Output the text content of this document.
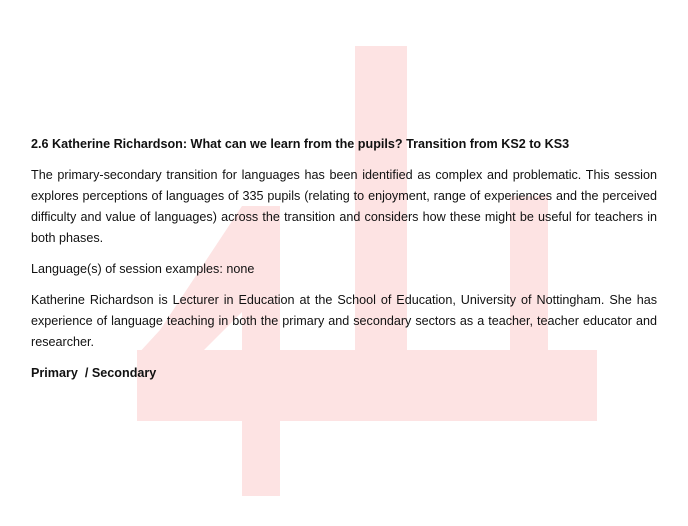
2.6 Katherine Richardson: What can we learn from the pupils? Transition from KS2 to KS3

The primary-secondary transition for languages has been identified as complex and problematic. This session explores perceptions of languages of 335 pupils (relating to enjoyment, range of experiences and the perceived difficulty and value of languages) across the transition and considers how these might be useful for teachers in both phases.

Language(s) of session examples: none

Katherine Richardson is Lecturer in Education at the School of Education, University of Nottingham. She has experience of language teaching in both the primary and secondary sectors as a teacher, teacher educator and researcher.

Primary  / Secondary
